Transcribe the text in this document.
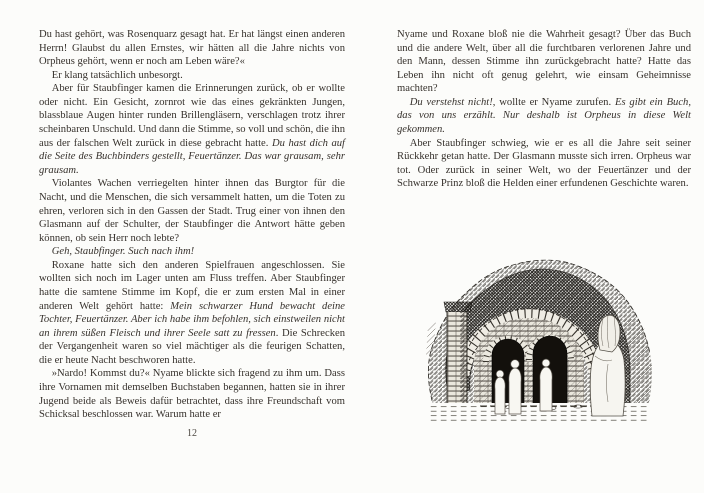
Du hast gehört, was Rosenquarz gesagt hat. Er hat längst einen anderen Herrn! Glaubst du allen Ernstes, wir hätten all die Jahre nichts von Orpheus gehört, wenn er noch am Leben wäre?«

Er klang tatsächlich unbesorgt.

Aber für Staubfinger kamen die Erinnerungen zurück, ob er wollte oder nicht. Ein Gesicht, zornrot wie das eines gekränkten Jungen, blassblaue Augen hinter runden Brillengläsern, verschlagen trotz ihrer scheinbaren Unschuld. Und dann die Stimme, so voll und schön, die ihn aus der falschen Welt zurück in diese gebracht hatte. Du hast dich auf die Seite des Buchbinders gestellt, Feuertänzer. Das war grausam, sehr grausam.

Violantes Wachen verriegelten hinter ihnen das Burgtor für die Nacht, und die Menschen, die sich versammelt hatten, um die Toten zu ehren, verloren sich in den Gassen der Stadt. Trug einer von ihnen den Glasmann auf der Schulter, der Staubfinger die Antwort hätte geben können, ob sein Herr noch lebte?

Geh, Staubfinger. Such nach ihm!

Roxane hatte sich den anderen Spielfrauen angeschlossen. Sie wollten sich noch im Lager unten am Fluss treffen. Aber Staubfinger hatte die samtene Stimme im Kopf, die er zum ersten Mal in einer anderen Welt gehört hatte: Mein schwarzer Hund bewacht deine Tochter, Feuertänzer. Aber ich habe ihm befohlen, sich einstweilen nicht an ihrem süßen Fleisch und ihrer Seele satt zu fressen. Die Schrecken der Vergangenheit waren so viel mächtiger als die feurigen Schatten, die er heute Nacht beschworen hatte.

»Nardo! Kommst du?« Nyame blickte sich fragend zu ihm um. Dass ihre Vornamen mit demselben Buchstaben begannen, hatten sie in ihrer Jugend beide als Beweis dafür betrachtet, dass ihre Freundschaft vom Schicksal beschlossen war. Warum hatte er

12

Nyame und Roxane bloß nie die Wahrheit gesagt? Über das Buch und die andere Welt, über all die furchtbaren verlorenen Jahre und den Mann, dessen Stimme ihn zurückgebracht hatte? Hatte das Leben ihn nicht oft genug gelehrt, wie einsam Geheimnisse machten?

Du verstehst nicht!, wollte er Nyame zurufen. Es gibt ein Buch, das von uns erzählt. Nur deshalb ist Orpheus in diese Welt gekommen.

Aber Staubfinger schwieg, wie er es all die Jahre seit seiner Rückkehr getan hatte. Der Glasmann musste sich irren. Orpheus war tot. Oder zurück in seiner Welt, wo der Feuertänzer und der Schwarze Prinz bloß die Helden einer erfundenen Geschichte waren.
